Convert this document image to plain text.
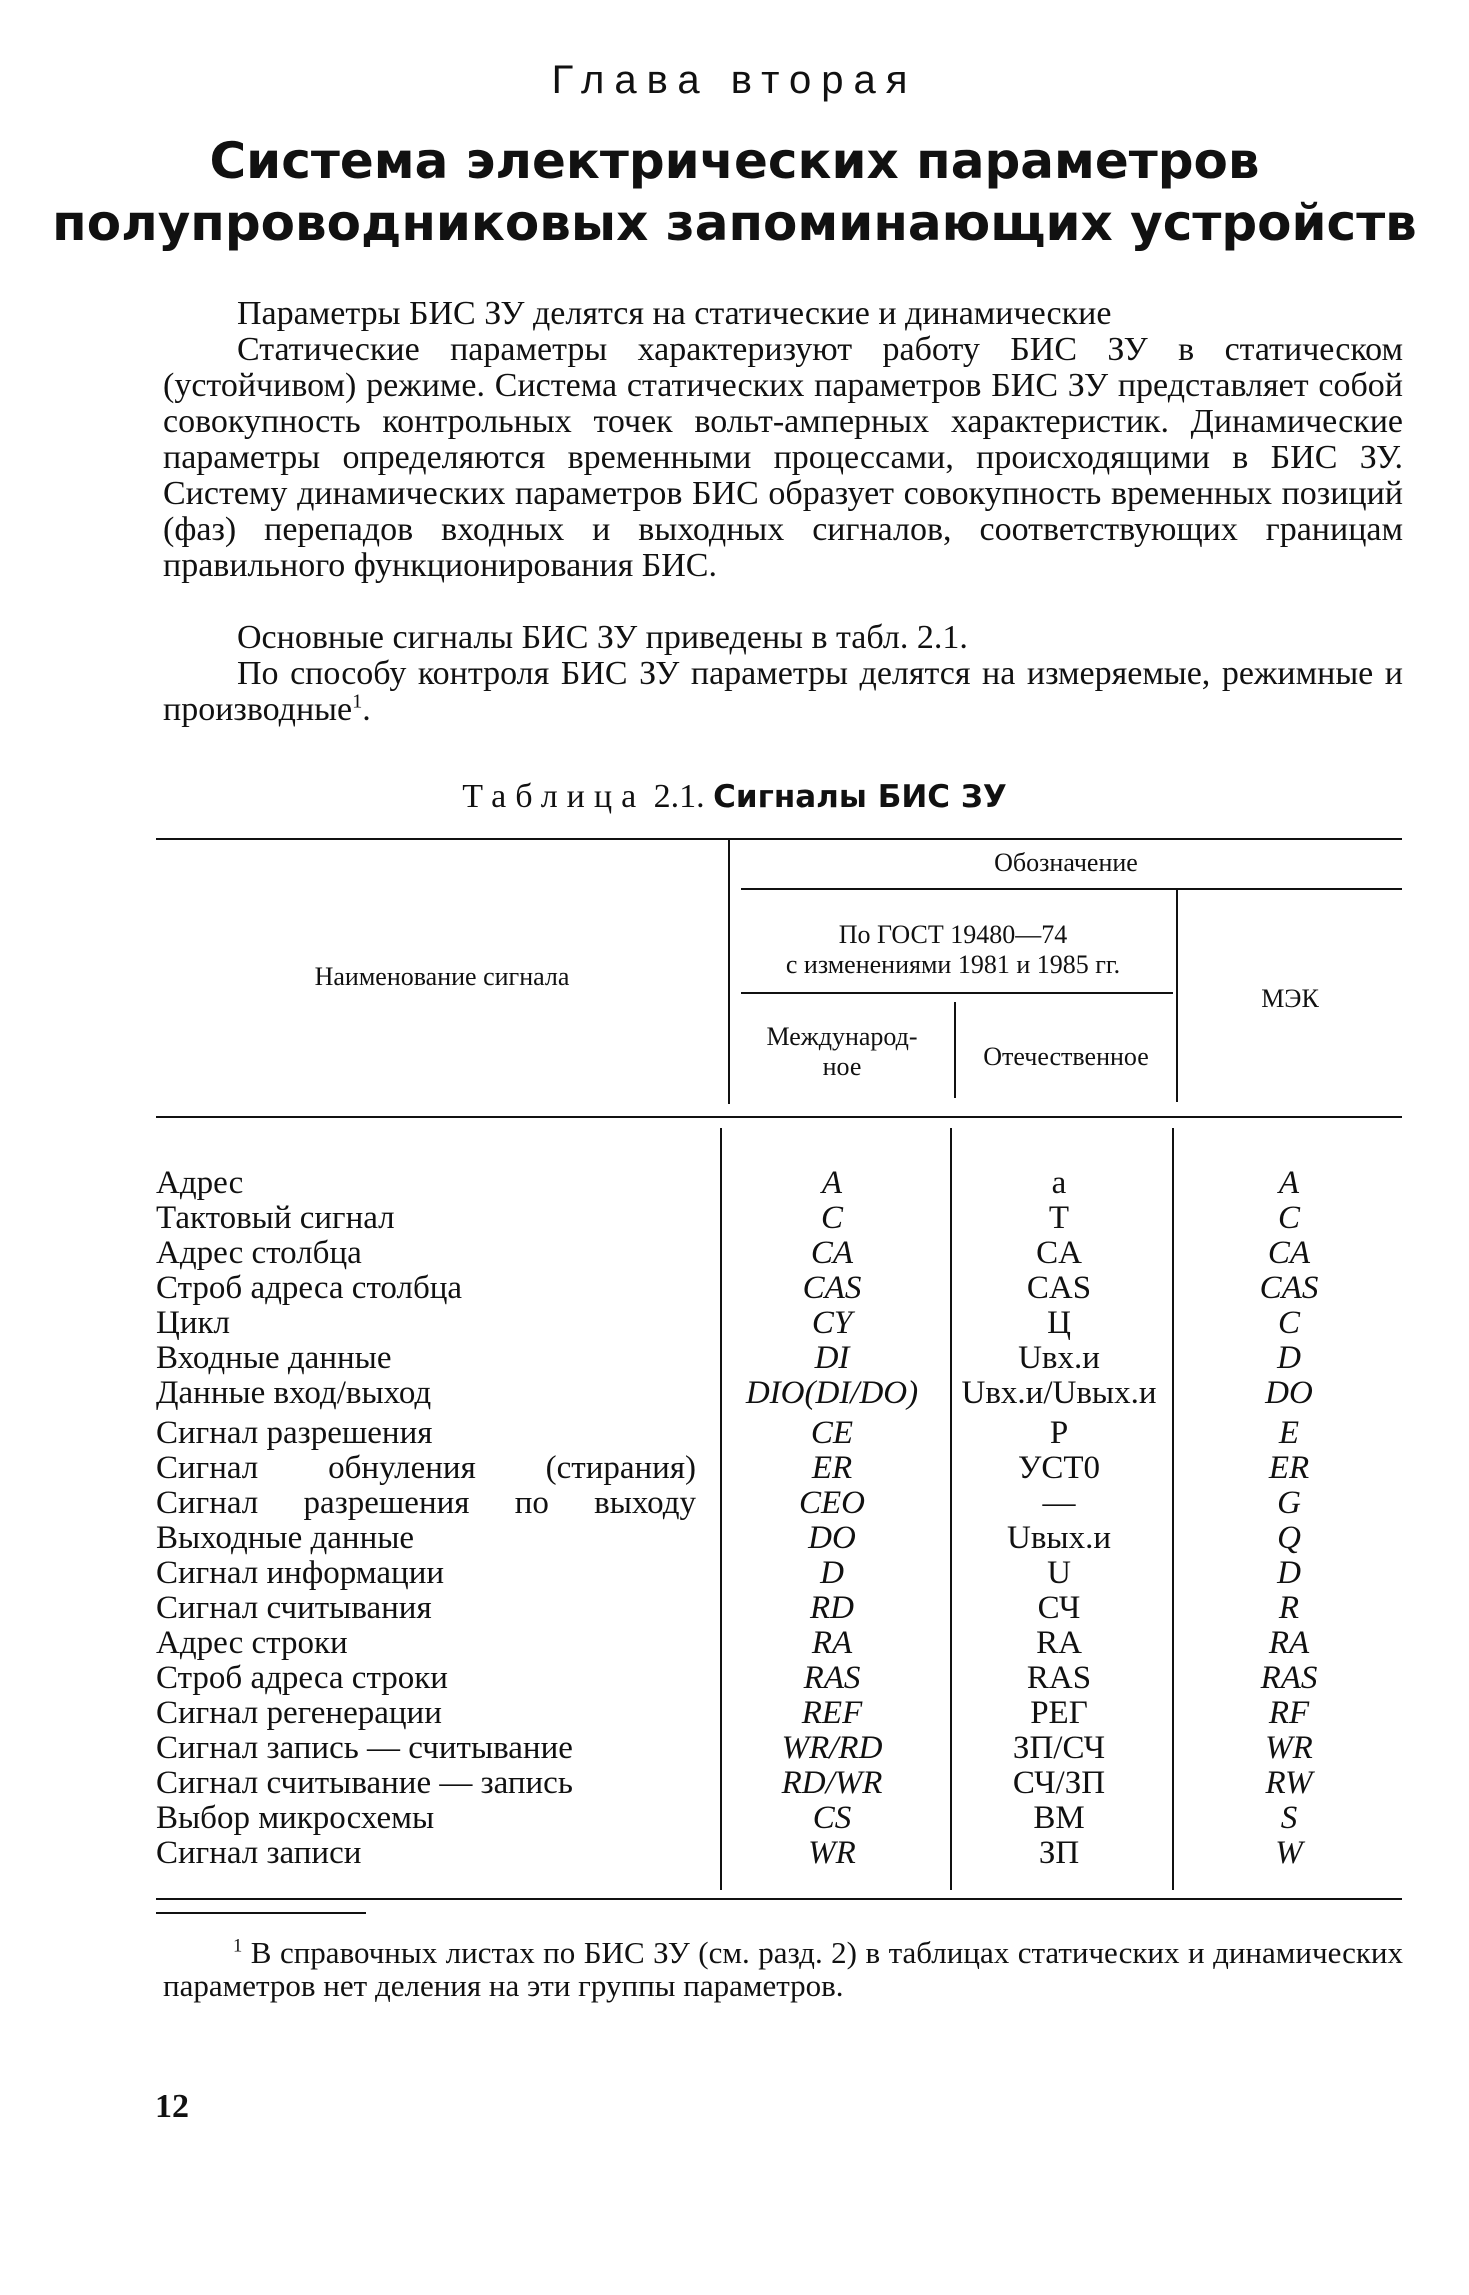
Глава вторая
Система электрических параметров
полупроводниковых запоминающих устройств

Параметры БИС ЗУ делятся на статические и динамические

Статические параметры характеризуют работу БИС ЗУ в статическом (устойчивом) режиме. Система статических параметров БИС ЗУ представляет собой совокупность контрольных точек вольт-амперных характеристик. Динамические параметры определяются временными процессами, происходящими в БИС ЗУ. Систему динамических параметров БИС образует совокупность временных позиций (фаз) перепадов входных и выходных сигналов, соответствующих границам правильного функционирования БИС.

Основные сигналы БИС ЗУ приведены в табл. 2.1.

По способу контроля БИС ЗУ параметры делятся на измеряемые, режимные и производные$^1$.

Таблица 2.1. Сигналы БИС ЗУ
Наименование сигнала
Обозначение
По ГОСТ 19480—74
с изменениями 1981 и 1985 гг.
Международ-
ное	Отечественное
МЭК
Адрес	A	а	A
Тактовый сигнал	C	Т	C
Адрес столбца	CA	CA	CA
Строб адреса столбца	CAS	CAS	CAS
Цикл	CY	Ц	C
Входные данные	DI	Uвх.и	D
Данные вход/выход	DIO(DI/DO)	Uвх.и/Uвых.и	DO
Сигнал разрешения	CE	Р	E
Сигнал обнуления (стирания)	ER	УСТ0	ER
Сигнал разрешения по выходу	CEO	—	G
Выходные данные	DO	Uвых.и	Q
Сигнал информации	D	U	D
Сигнал считывания	RD	СЧ	R
Адрес строки	RA	RA	RA
Строб адреса строки	RAS	RAS	RAS
Сигнал регенерации	REF	РЕГ	RF
Сигнал запись — считывание	WR/RD	ЗП/СЧ	WR
Сигнал считывание — запись	RD/WR	СЧ/ЗП	RW
Выбор микросхемы	CS	ВМ	S
Сигнал записи	WR	ЗП	W

$^1$ В справочных листах по БИС ЗУ (см. разд. 2) в таблицах статических и динамических параметров нет деления на эти группы параметров.

12
